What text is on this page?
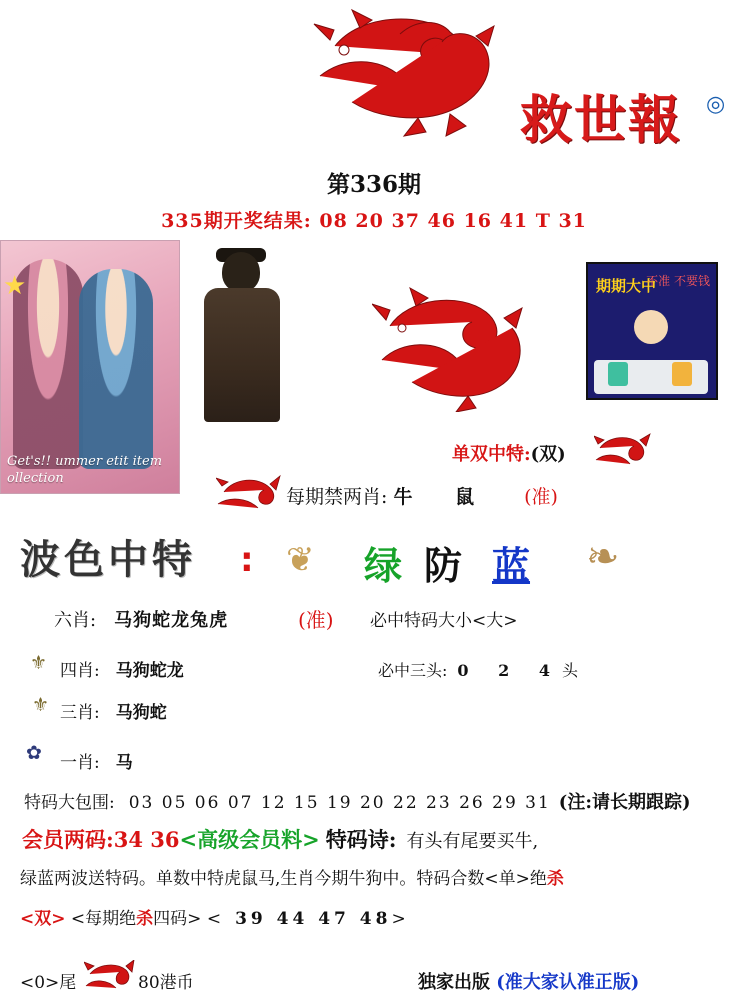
救世報 ◎
第336期
335期开奖结果: 08 20 37 46 16 41 T 31
★
Get's!! ummer etit item ollection
期期大中
不准 不要钱
单双中特:(双)
每期禁两肖: 牛 鼠 (准)
波色中特 : ❦ 绿 防 蓝 ❧
六肖: 马狗蛇龙兔虎	(准) 必中特码大小<大>
⚜ 四肖: 马狗蛇龙	必中三头: 0 2 4头
⚜ 三肖: 马狗蛇
✿ 一肖: 马
特码大包围: 03 05 06 07 12 15 19 20 22 23 26 29 31 (注:请长期跟踪)
会员两码:34 36<高级会员料> 特码诗: 有头有尾要买牛,
绿蓝两波送特码。单数中特虎鼠马,生肖今期牛狗中。特码合数<单>绝杀
<双> <每期绝杀四码> < 39 44 47 48>
<0>尾	80港币	独家出版 (准大家认准正版)
